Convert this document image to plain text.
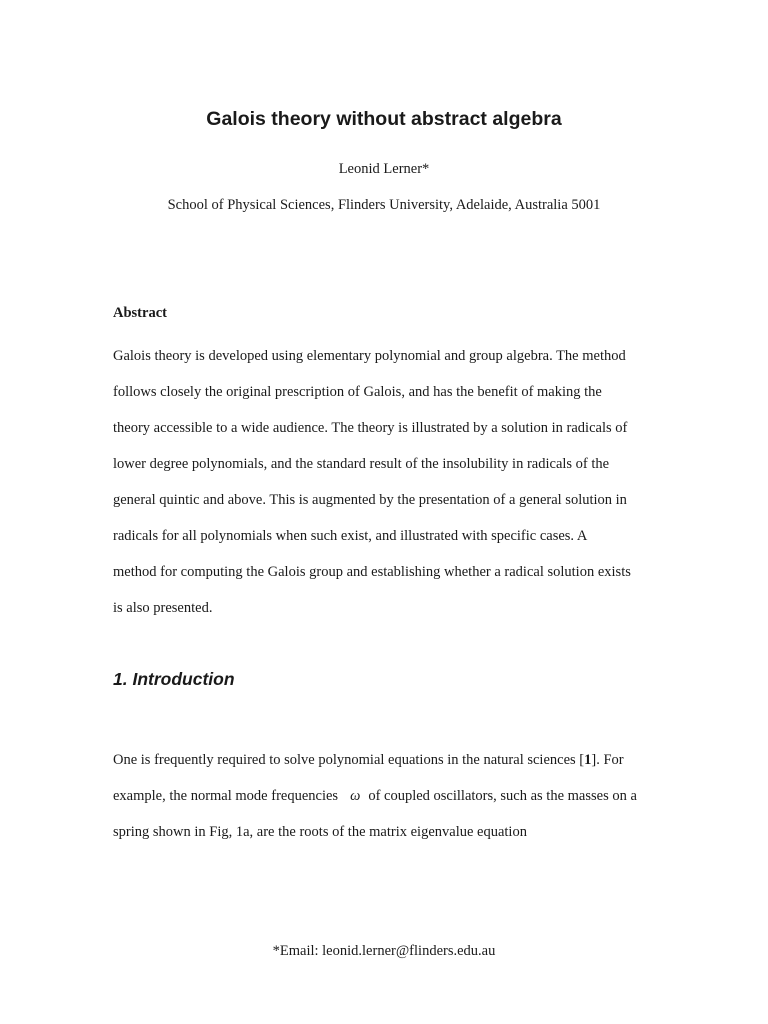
Galois theory without abstract algebra
Leonid Lerner*
School of Physical Sciences, Flinders University, Adelaide, Australia 5001
Abstract
Galois theory is developed using elementary polynomial and group algebra. The method
follows closely the original prescription of Galois, and has the benefit of making the
theory accessible to a wide audience. The theory is illustrated by a solution in radicals of
lower degree polynomials, and the standard result of the insolubility in radicals of the
general quintic and above. This is augmented by the presentation of a general solution in
radicals for all polynomials when such exist, and illustrated with specific cases. A
method for computing the Galois group and establishing whether a radical solution exists
is also presented.
1. Introduction
One is frequently required to solve polynomial equations in the natural sciences [1]. For
example, the normal mode frequencies ω of coupled oscillators, such as the masses on a
spring shown in Fig, 1a, are the roots of the matrix eigenvalue equation
*Email: leonid.lerner@flinders.edu.au
